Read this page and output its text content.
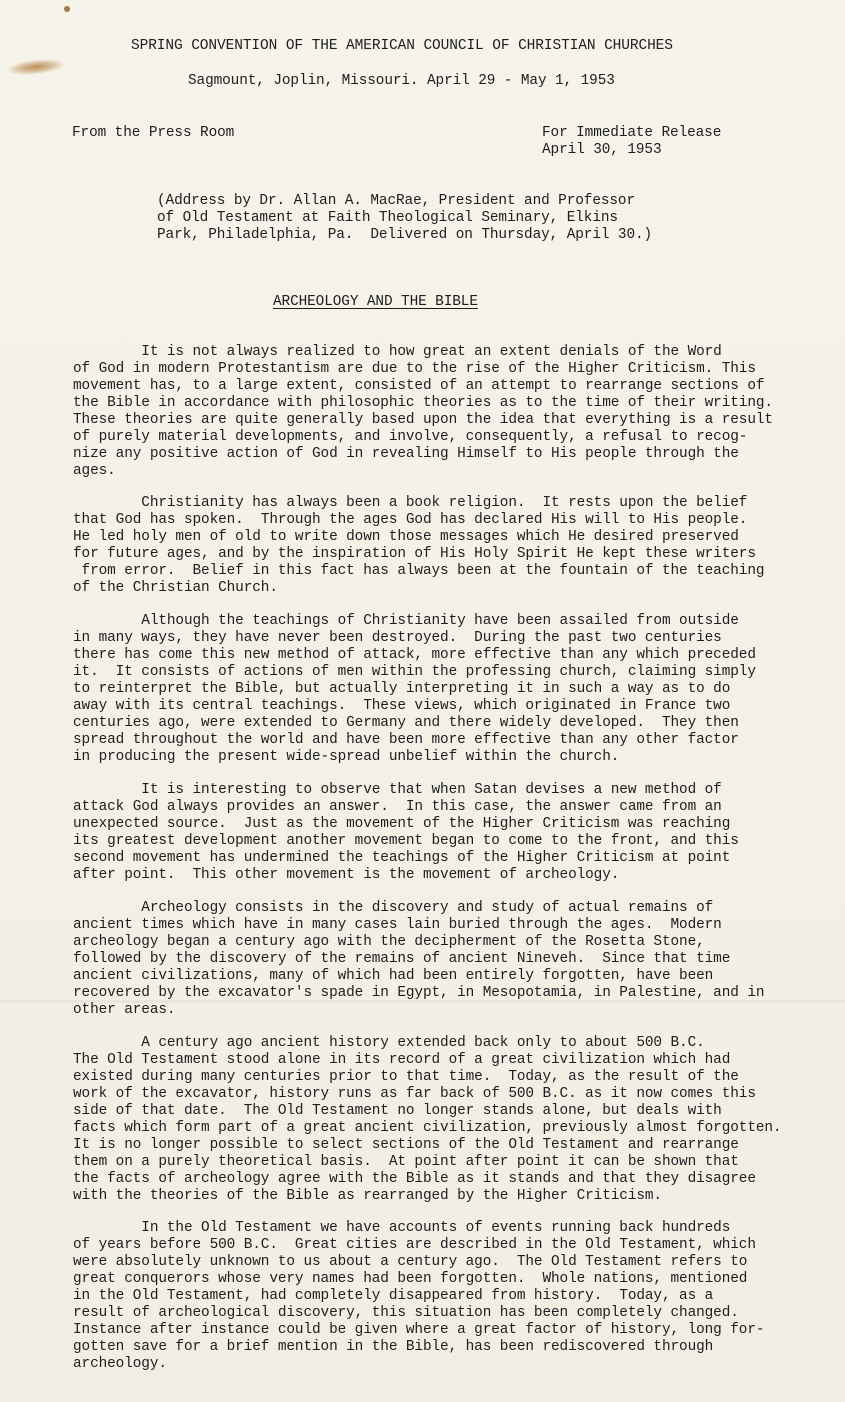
SPRING CONVENTION OF THE AMERICAN COUNCIL OF CHRISTIAN CHURCHES
Sagmount, Joplin, Missouri. April 29 - May 1, 1953
From the Press Room	For Immediate Release
April 30, 1953
(Address by Dr. Allan A. MacRae, President and Professor
of Old Testament at Faith Theological Seminary, Elkins
Park, Philadelphia, Pa.  Delivered on Thursday, April 30.)
ARCHEOLOGY AND THE BIBLE
It is not always realized to how great an extent denials of the Word
of God in modern Protestantism are due to the rise of the Higher Criticism. This
movement has, to a large extent, consisted of an attempt to rearrange sections of
the Bible in accordance with philosophic theories as to the time of their writing.
These theories are quite generally based upon the idea that everything is a result
of purely material developments, and involve, consequently, a refusal to recog-
nize any positive action of God in revealing Himself to His people through the
ages.
Christianity has always been a book religion.  It rests upon the belief
that God has spoken.  Through the ages God has declared His will to His people.
He led holy men of old to write down those messages which He desired preserved
for future ages, and by the inspiration of His Holy Spirit He kept these writers
from error.  Belief in this fact has always been at the fountain of the teaching
of the Christian Church.
Although the teachings of Christianity have been assailed from outside
in many ways, they have never been destroyed.  During the past two centuries
there has come this new method of attack, more effective than any which preceded
it.  It consists of actions of men within the professing church, claiming simply
to reinterpret the Bible, but actually interpreting it in such a way as to do
away with its central teachings.  These views, which originated in France two
centuries ago, were extended to Germany and there widely developed.  They then
spread throughout the world and have been more effective than any other factor
in producing the present wide-spread unbelief within the church.
It is interesting to observe that when Satan devises a new method of
attack God always provides an answer.  In this case, the answer came from an
unexpected source.  Just as the movement of the Higher Criticism was reaching
its greatest development another movement began to come to the front, and this
second movement has undermined the teachings of the Higher Criticism at point
after point.  This other movement is the movement of archeology.
Archeology consists in the discovery and study of actual remains of
ancient times which have in many cases lain buried through the ages.  Modern
archeology began a century ago with the decipherment of the Rosetta Stone,
followed by the discovery of the remains of ancient Nineveh.  Since that time
ancient civilizations, many of which had been entirely forgotten, have been
recovered by the excavator's spade in Egypt, in Mesopotamia, in Palestine, and in
other areas.
A century ago ancient history extended back only to about 500 B.C.
The Old Testament stood alone in its record of a great civilization which had
existed during many centuries prior to that time.  Today, as the result of the
work of the excavator, history runs as far back of 500 B.C. as it now comes this
side of that date.  The Old Testament no longer stands alone, but deals with
facts which form part of a great ancient civilization, previously almost forgotten.
It is no longer possible to select sections of the Old Testament and rearrange
them on a purely theoretical basis.  At point after point it can be shown that
the facts of archeology agree with the Bible as it stands and that they disagree
with the theories of the Bible as rearranged by the Higher Criticism.
In the Old Testament we have accounts of events running back hundreds
of years before 500 B.C.  Great cities are described in the Old Testament, which
were absolutely unknown to us about a century ago.  The Old Testament refers to
great conquerors whose very names had been forgotten.  Whole nations, mentioned
in the Old Testament, had completely disappeared from history.  Today, as a
result of archeological discovery, this situation has been completely changed.
Instance after instance could be given where a great factor of history, long for-
gotten save for a brief mention in the Bible, has been rediscovered through
archeology.
